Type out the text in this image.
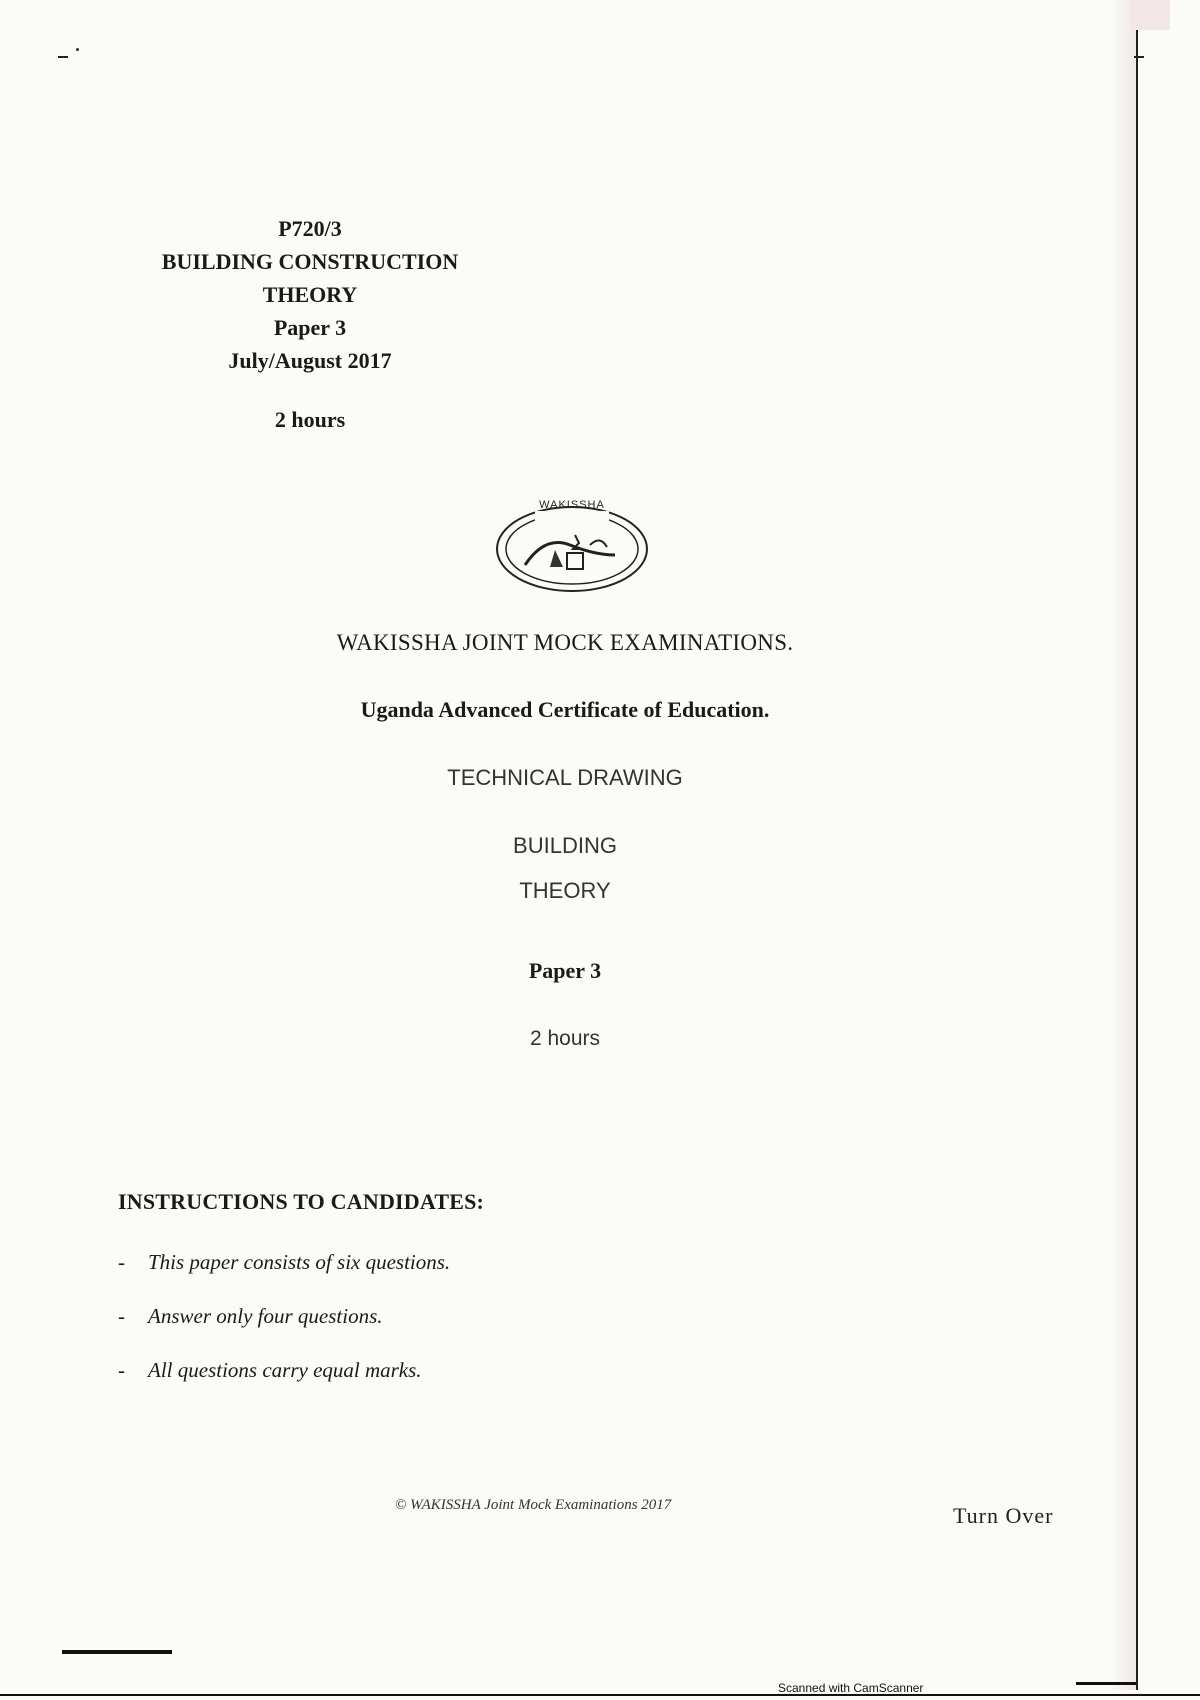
P720/3
BUILDING CONSTRUCTION
THEORY
Paper 3
July/August 2017
2 hours
WAKISSHA
WAKISSHA JOINT MOCK EXAMINATIONS.
Uganda Advanced Certificate of Education.
TECHNICAL DRAWING
BUILDING
THEORY
Paper 3
2 hours
INSTRUCTIONS TO CANDIDATES:
-	This paper consists of six questions.
-	Answer only four questions.
-	All questions carry equal marks.
© WAKISSHA Joint Mock Examinations 2017	Turn Over
Scanned with CamScanner
